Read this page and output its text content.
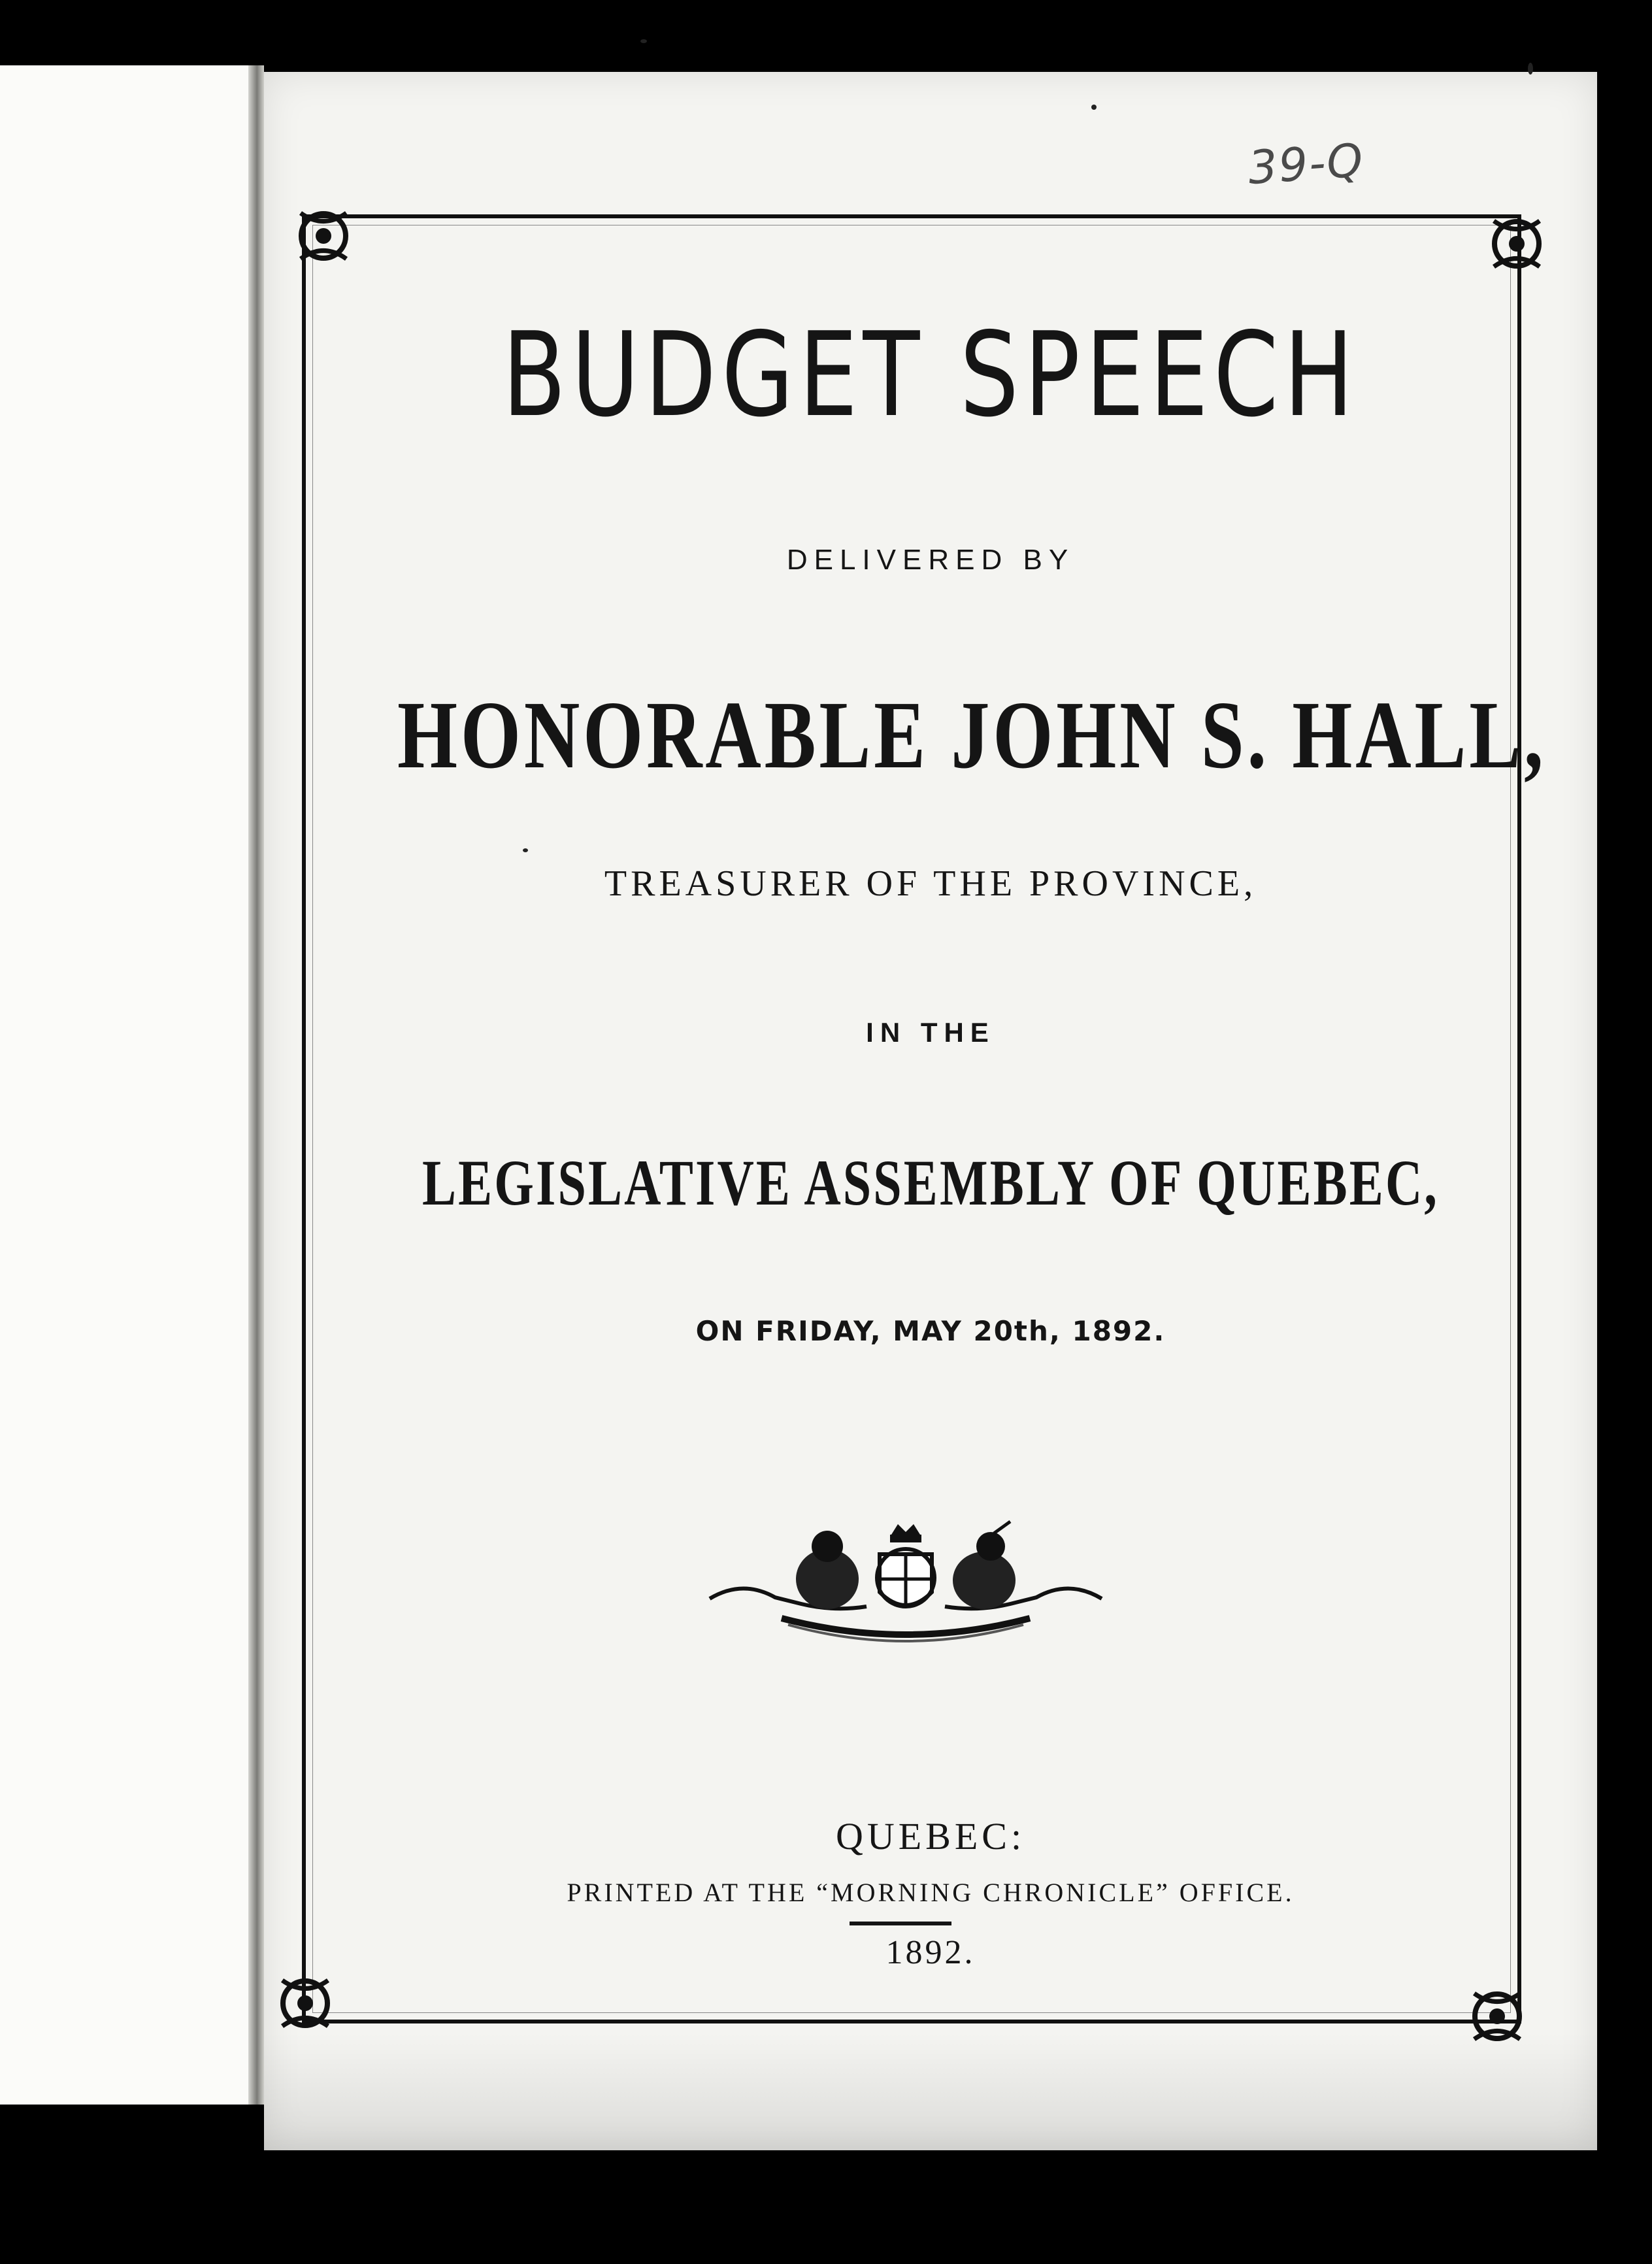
39-Q
BUDGET SPEECH
DELIVERED BY
HONORABLE JOHN S. HALL,
TREASURER OF THE PROVINCE,
IN THE
LEGISLATIVE ASSEMBLY OF QUEBEC,
ON FRIDAY, MAY 20th, 1892.
QUEBEC:
PRINTED AT THE “MORNING CHRONICLE” OFFICE.
1892.
